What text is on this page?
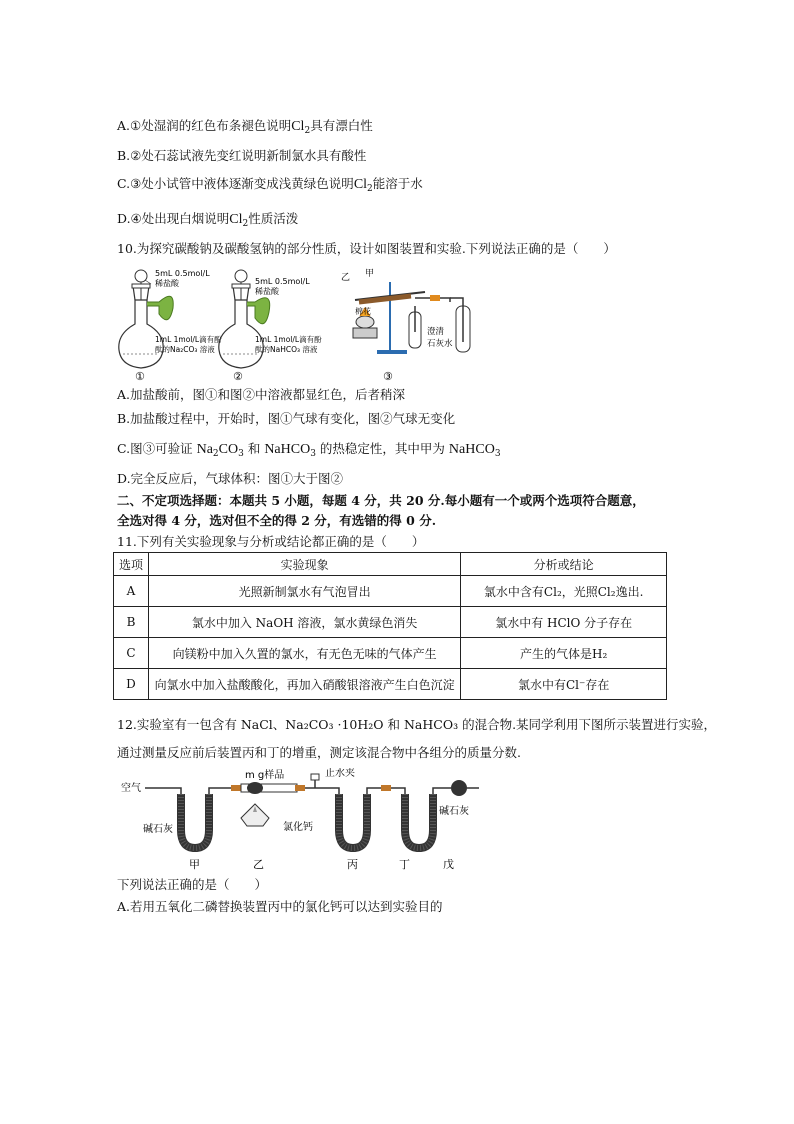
A.①处湿润的红色布条褪色说明$Cl_2$具有漂白性
B.②处石蕊试液先变红说明新制氯水具有酸性
C.③处小试管中液体逐渐变成浅黄绿色说明$Cl_2$能溶于水
D.④处出现白烟说明$Cl_2$性质活泼
10.为探究碳酸钠及碳酸氢钠的部分性质，设计如图装置和实验.下列说法正确的是（　　）
5mL 0.5mol/L
稀盐酸
1mL 1mol/L滴有酚
酞的Na₂CO₃ 溶液
①
5mL 0.5mol/L
稀盐酸
1mL 1mol/L滴有酚
酞的NaHCO₃ 溶液
②
乙 甲
棉花
澄清
石灰水
③
A.加盐酸前，图①和图②中溶液都显红色，后者稍深
B.加盐酸过程中，开始时，图①气球有变化，图②气球无变化
C.图③可验证 $Na_2CO_3$ 和 NaHCO$_3$ 的热稳定性，其中甲为 NaHCO$_3$
D.完全反应后，气球体积：图①大于图②
二、不定项选择题：本题共 5 小题，每题 4 分，共 20 分.每小题有一个或两个选项符合题意，
全选对得 4 分，选对但不全的得 2 分，有选错的得 0 分.
11.下列有关实验现象与分析或结论都正确的是（　　）
选项	实验现象	分析或结论
A	光照新制氯水有气泡冒出	氯水中含有Cl₂，光照Cl₂逸出.
B	氯水中加入 NaOH 溶液，氯水黄绿色消失	氯水中有 HClO 分子存在
C	向镁粉中加入久置的氯水，有无色无味的气体产生	产生的气体是H₂
D	向氯水中加入盐酸酸化，再加入硝酸银溶液产生白色沉淀	氯水中有Cl⁻存在
12.实验室有一包含有 NaCl、Na₂CO₃ ·10H₂O 和 NaHCO₃ 的混合物.某同学利用下图所示装置进行实验，
通过测量反应前后装置丙和丁的增重，测定该混合物中各组分的质量分数.
空气
m g样品	止水夹
碱石灰	氯化钙
碱石灰
甲	乙	丙	丁	戊
下列说法正确的是（　　）
A.若用五氧化二磷替换装置丙中的氯化钙可以达到实验目的
